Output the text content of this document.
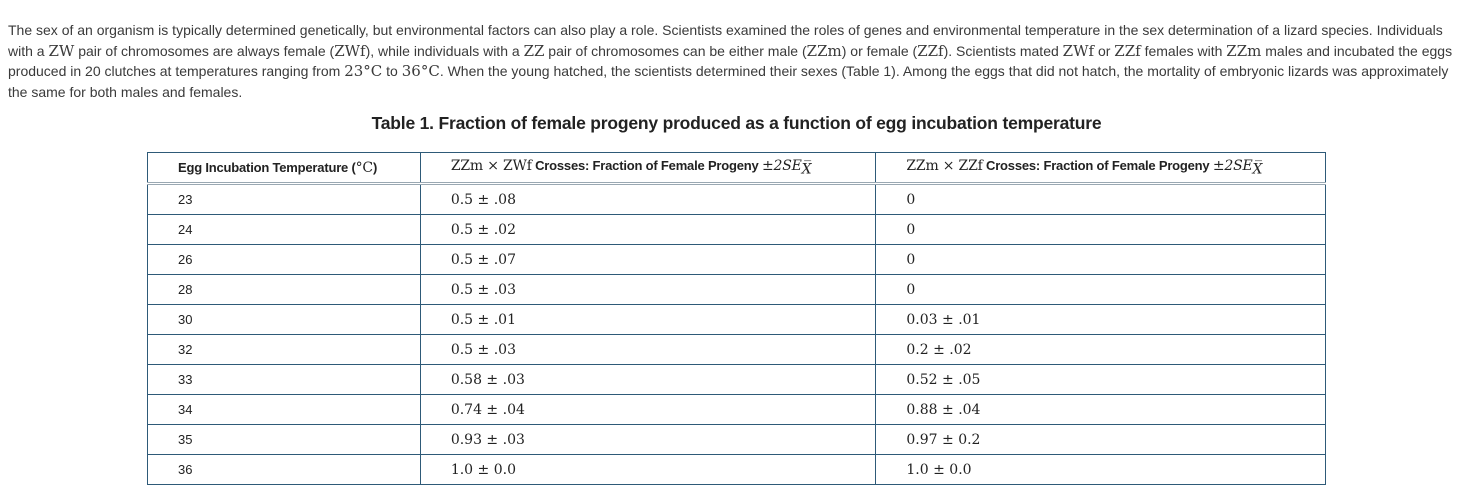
The sex of an organism is typically determined genetically, but environmental factors can also play a role. Scientists examined the roles of genes and environmental temperature in the sex determination of a lizard species. Individuals with a ZW pair of chromosomes are always female (ZWf), while individuals with a ZZ pair of chromosomes can be either male (ZZm) or female (ZZf). Scientists mated ZWf or ZZf females with ZZm males and incubated the eggs produced in 20 clutches at temperatures ranging from 23°C to 36°C. When the young hatched, the scientists determined their sexes (Table 1). Among the eggs that did not hatch, the mortality of embryonic lizards was approximately the same for both males and females.
Table 1. Fraction of female progeny produced as a function of egg incubation temperature
Egg Incubation Temperature (°C)	ZZm × ZWf Crosses: Fraction of Female Progeny $\pm 2SE_{X̅}$	ZZm × ZZf Crosses: Fraction of Female Progeny $\pm 2SE_{X̅}$
23	0.5 ± .08	0
24	0.5 ± .02	0
26	0.5 ± .07	0
28	0.5 ± .03	0
30	0.5 ± .01	0.03 ± .01
32	0.5 ± .03	0.2 ± .02
33	0.58 ± .03	0.52 ± .05
34	0.74 ± .04	0.88 ± .04
35	0.93 ± .03	0.97 ± 0.2
36	1.0 ± 0.0	1.0 ± 0.0
